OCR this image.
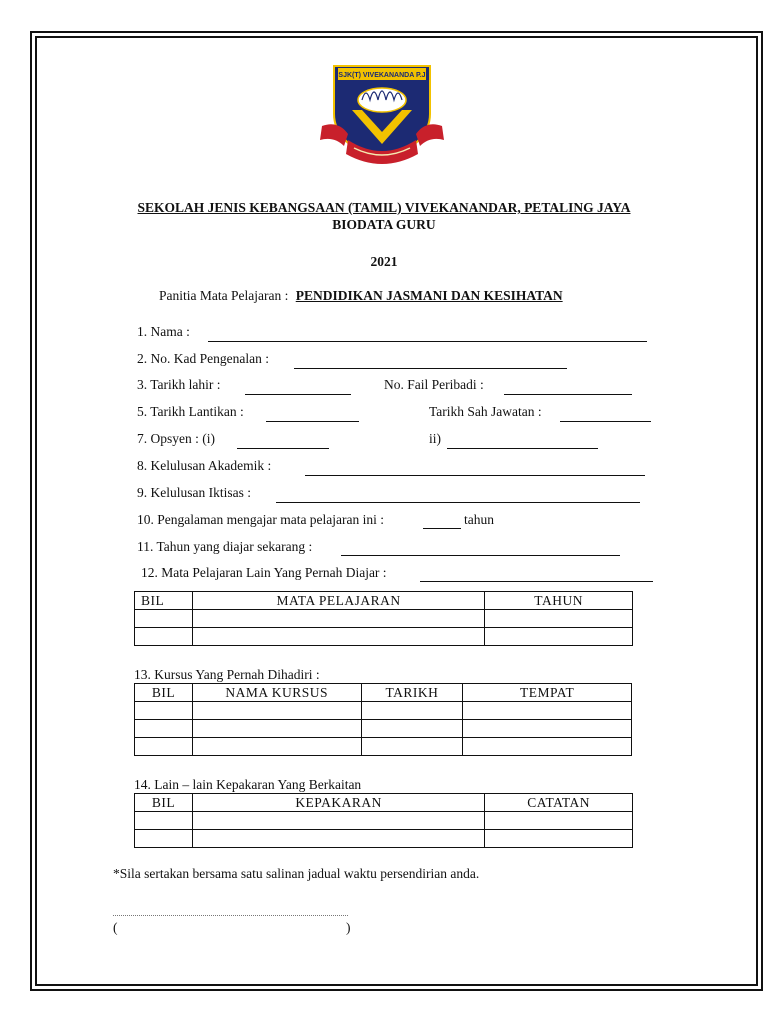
SJK(T) VIVEKANANDA P.J
SEKOLAH JENIS KEBANGSAAN (TAMIL) VIVEKANANDAR, PETALING JAYA
BIODATA GURU
2021
Panitia Mata Pelajaran : PENDIDIKAN JASMANI DAN KESIHATAN
1. Nama :
2. No. Kad Pengenalan :
3. Tarikh lahir :	No. Fail Peribadi :
5. Tarikh Lantikan :	Tarikh Sah Jawatan :
7. Opsyen : (i)	ii)
8. Kelulusan Akademik :
9. Kelulusan Iktisas :
10. Pengalaman mengajar mata pelajaran ini :	tahun
11. Tahun yang diajar sekarang :
12. Mata Pelajaran Lain Yang Pernah Diajar :
BIL	MATA PELAJARAN	TAHUN

13. Kursus Yang Pernah Dihadiri :
BIL	NAMA KURSUS	TARIKH	TEMPAT

14. Lain – lain Kepakaran Yang Berkaitan
BIL	KEPAKARAN	CATATAN

*Sila sertakan bersama satu salinan jadual waktu persendirian anda.
(	)
